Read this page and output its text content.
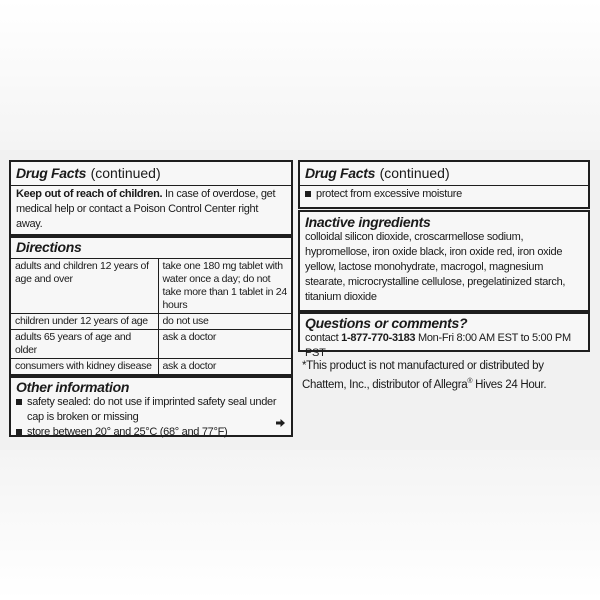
Drug Facts (continued)
Keep out of reach of children. In case of overdose, get medical help or contact a Poison Control Center right away.
Directions
adults and children 12 years of age and over	take one 180 mg tablet with water once a day; do not take more than 1 tablet in 24 hours
children under 12 years of age	do not use
adults 65 years of age and older	ask a doctor
consumers with kidney disease	ask a doctor
Other information
safety sealed: do not use if imprinted safety seal under cap is broken or missing
store between 20° and 25°C (68° and 77°F)
Drug Facts (continued)
protect from excessive moisture
Inactive ingredients
colloidal silicon dioxide, croscarmellose sodium, hypromellose, iron oxide black, iron oxide red, iron oxide yellow, lactose monohydrate, macrogol, magnesium stearate, microcrystalline cellulose, pregelatinized starch, titanium dioxide
Questions or comments?
contact 1-877-770-3183 Mon-Fri 8:00 AM EST to 5:00 PM PST
*This product is not manufactured or distributed by
Chattem, Inc., distributor of Allegra® Hives 24 Hour.
